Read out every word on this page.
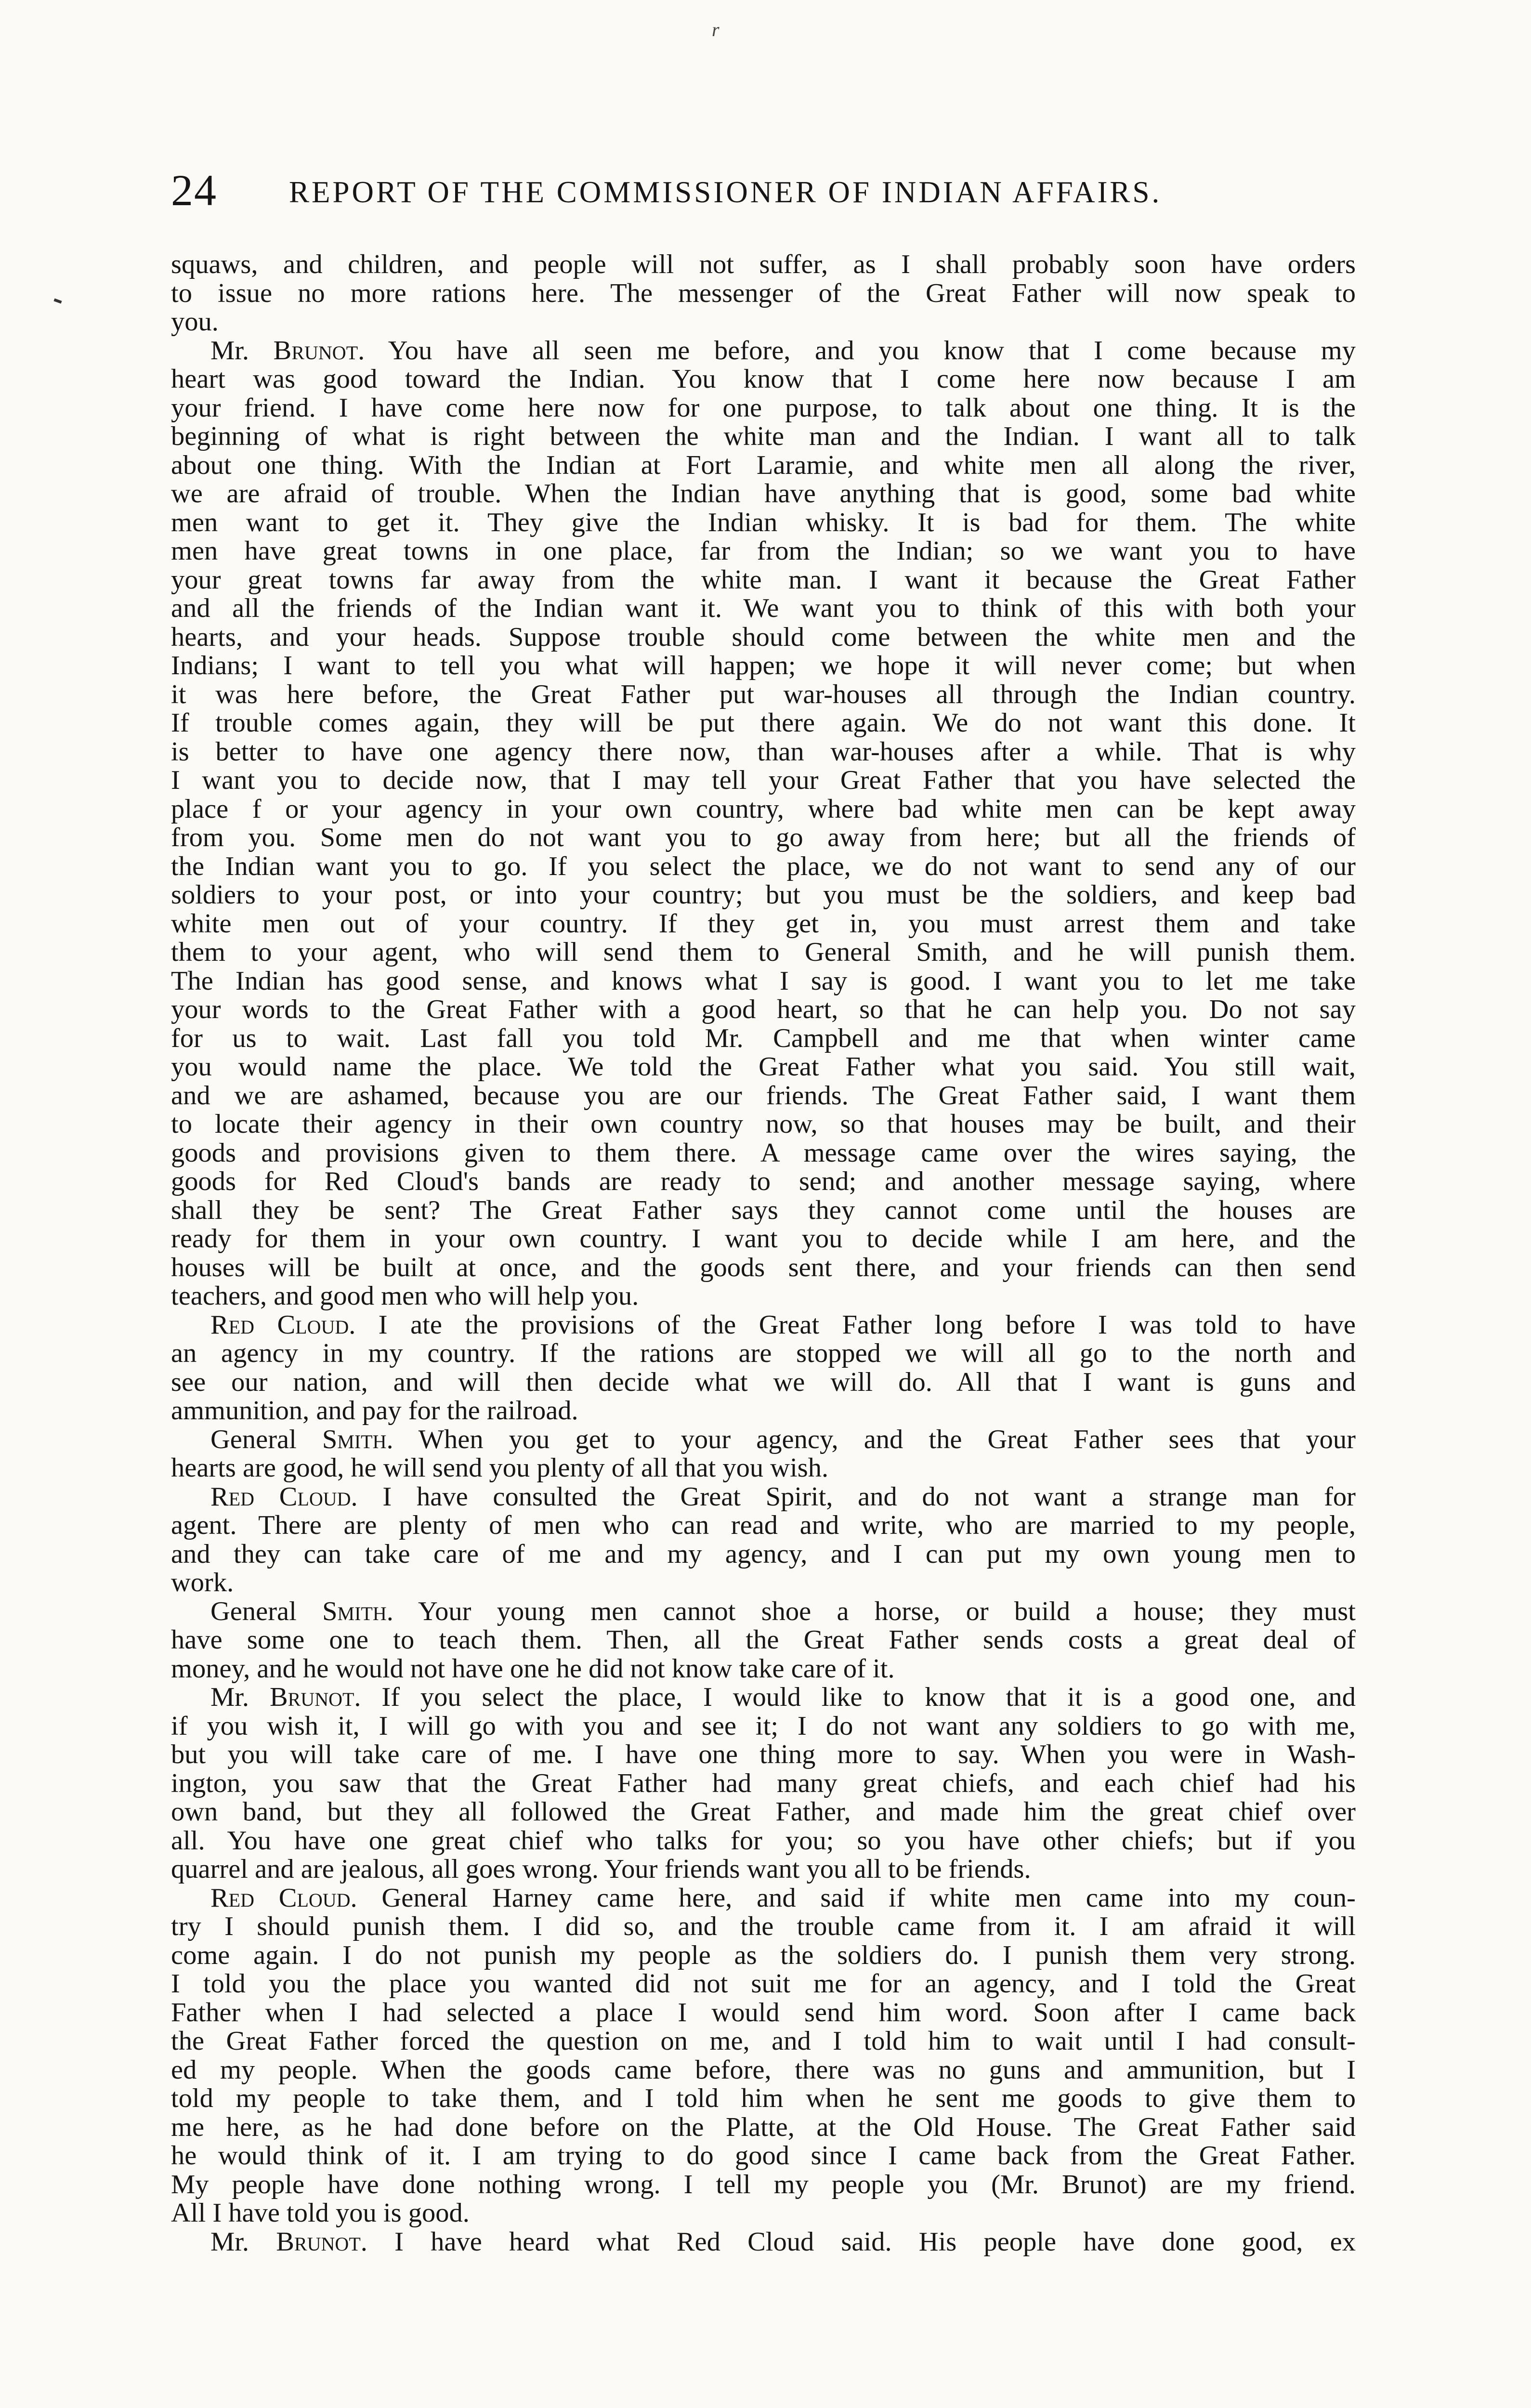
r
24 REPORT OF THE COMMISSIONER OF INDIAN AFFAIRS.
squaws, and children, and people will not suffer, as I shall probably soon have orders
to issue no more rations here. The messenger of the Great Father will now speak to
you.
Mr. Brunot. You have all seen me before, and you know that I come because my
heart was good toward the Indian. You know that I come here now because I am
your friend. I have come here now for one purpose, to talk about one thing. It is the
beginning of what is right between the white man and the Indian. I want all to talk
about one thing. With the Indian at Fort Laramie, and white men all along the river,
we are afraid of trouble. When the Indian have anything that is good, some bad white
men want to get it. They give the Indian whisky. It is bad for them. The white
men have great towns in one place, far from the Indian; so we want you to have
your great towns far away from the white man. I want it because the Great Father
and all the friends of the Indian want it. We want you to think of this with both your
hearts, and your heads. Suppose trouble should come between the white men and the
Indians; I want to tell you what will happen; we hope it will never come; but when
it was here before, the Great Father put war-houses all through the Indian country.
If trouble comes again, they will be put there again. We do not want this done. It
is better to have one agency there now, than war-houses after a while. That is why
I want you to decide now, that I may tell your Great Father that you have selected the
place f or your agency in your own country, where bad white men can be kept away
from you. Some men do not want you to go away from here; but all the friends of
the Indian want you to go. If you select the place, we do not want to send any of our
soldiers to your post, or into your country; but you must be the soldiers, and keep bad
white men out of your country. If they get in, you must arrest them and take
them to your agent, who will send them to General Smith, and he will punish them.
The Indian has good sense, and knows what I say is good. I want you to let me take
your words to the Great Father with a good heart, so that he can help you. Do not say
for us to wait. Last fall you told Mr. Campbell and me that when winter came
you would name the place. We told the Great Father what you said. You still wait,
and we are ashamed, because you are our friends. The Great Father said, I want them
to locate their agency in their own country now, so that houses may be built, and their
goods and provisions given to them there. A message came over the wires saying, the
goods for Red Cloud's bands are ready to send; and another message saying, where
shall they be sent? The Great Father says they cannot come until the houses are
ready for them in your own country. I want you to decide while I am here, and the
houses will be built at once, and the goods sent there, and your friends can then send
teachers, and good men who will help you.
Red Cloud. I ate the provisions of the Great Father long before I was told to have
an agency in my country. If the rations are stopped we will all go to the north and
see our nation, and will then decide what we will do. All that I want is guns and
ammunition, and pay for the railroad.
General Smith. When you get to your agency, and the Great Father sees that your
hearts are good, he will send you plenty of all that you wish.
Red Cloud. I have consulted the Great Spirit, and do not want a strange man for
agent. There are plenty of men who can read and write, who are married to my people,
and they can take care of me and my agency, and I can put my own young men to
work.
General Smith. Your young men cannot shoe a horse, or build a house; they must
have some one to teach them. Then, all the Great Father sends costs a great deal of
money, and he would not have one he did not know take care of it.
Mr. Brunot. If you select the place, I would like to know that it is a good one, and
if you wish it, I will go with you and see it; I do not want any soldiers to go with me,
but you will take care of me. I have one thing more to say. When you were in Wash-
ington, you saw that the Great Father had many great chiefs, and each chief had his
own band, but they all followed the Great Father, and made him the great chief over
all. You have one great chief who talks for you; so you have other chiefs; but if you
quarrel and are jealous, all goes wrong. Your friends want you all to be friends.
Red Cloud. General Harney came here, and said if white men came into my coun-
try I should punish them. I did so, and the trouble came from it. I am afraid it will
come again. I do not punish my people as the soldiers do. I punish them very strong.
I told you the place you wanted did not suit me for an agency, and I told the Great
Father when I had selected a place I would send him word. Soon after I came back
the Great Father forced the question on me, and I told him to wait until I had consult-
ed my people. When the goods came before, there was no guns and ammunition, but I
told my people to take them, and I told him when he sent me goods to give them to
me here, as he had done before on the Platte, at the Old House. The Great Father said
he would think of it. I am trying to do good since I came back from the Great Father.
My people have done nothing wrong. I tell my people you (Mr. Brunot) are my friend.
All I have told you is good.
Mr. Brunot. I have heard what Red Cloud said. His people have done good, ex
